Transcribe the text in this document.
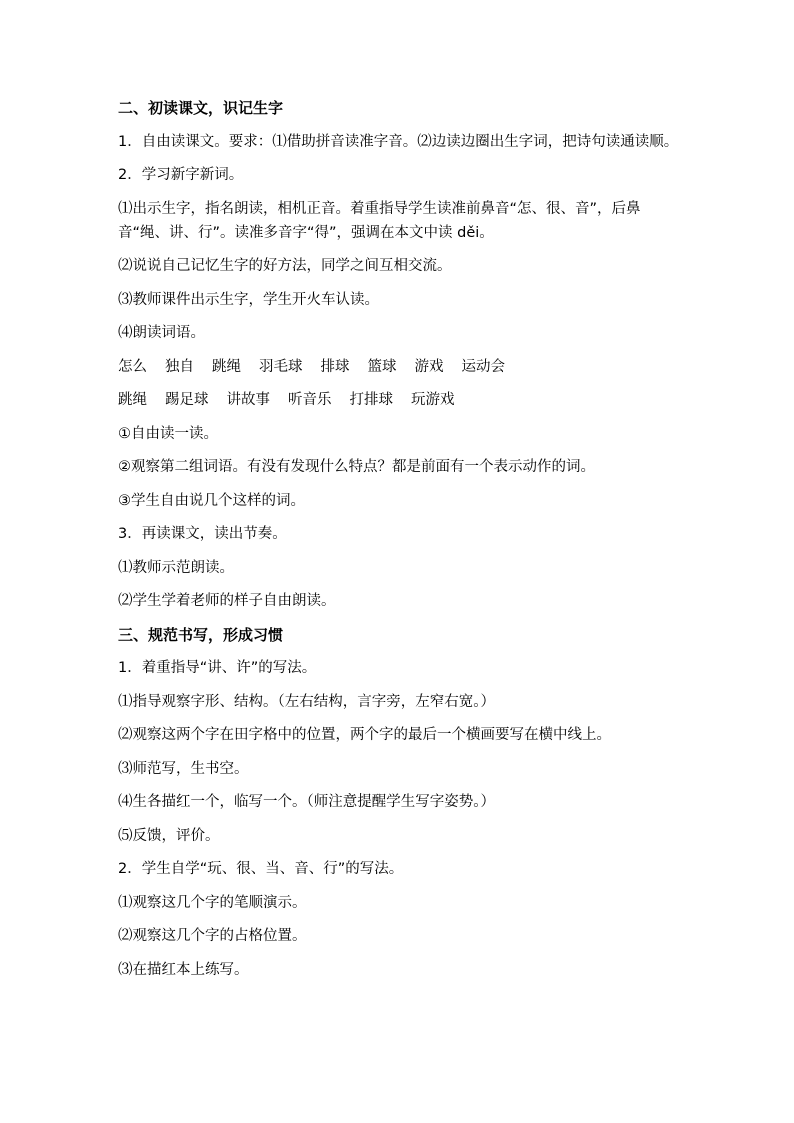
二、初读课文，识记生字
1．自由读课文。要求：⑴借助拼音读准字音。⑵边读边圈出生字词，把诗句读通读顺。
2．学习新字新词。
⑴出示生字，指名朗读，相机正音。着重指导学生读准前鼻音“怎、很、音”，后鼻音“绳、讲、行”。读准多音字“得”，强调在本文中读 děi。
⑵说说自己记忆生字的好方法，同学之间互相交流。
⑶教师课件出示生字，学生开火车认读。
⑷朗读词语。
怎么 独自 跳绳 羽毛球 排球 篮球 游戏 运动会
跳绳 踢足球 讲故事 听音乐 打排球 玩游戏
①自由读一读。
②观察第二组词语。有没有发现什么特点？都是前面有一个表示动作的词。
③学生自由说几个这样的词。
3．再读课文，读出节奏。
⑴教师示范朗读。
⑵学生学着老师的样子自由朗读。
三、规范书写，形成习惯
1．着重指导“讲、许”的写法。
⑴指导观察字形、结构。（左右结构，言字旁，左窄右宽。）
⑵观察这两个字在田字格中的位置，两个字的最后一个横画要写在横中线上。
⑶师范写，生书空。
⑷生各描红一个，临写一个。（师注意提醒学生写字姿势。）
⑸反馈，评价。
2．学生自学“玩、很、当、音、行”的写法。
⑴观察这几个字的笔顺演示。
⑵观察这几个字的占格位置。
⑶在描红本上练写。
